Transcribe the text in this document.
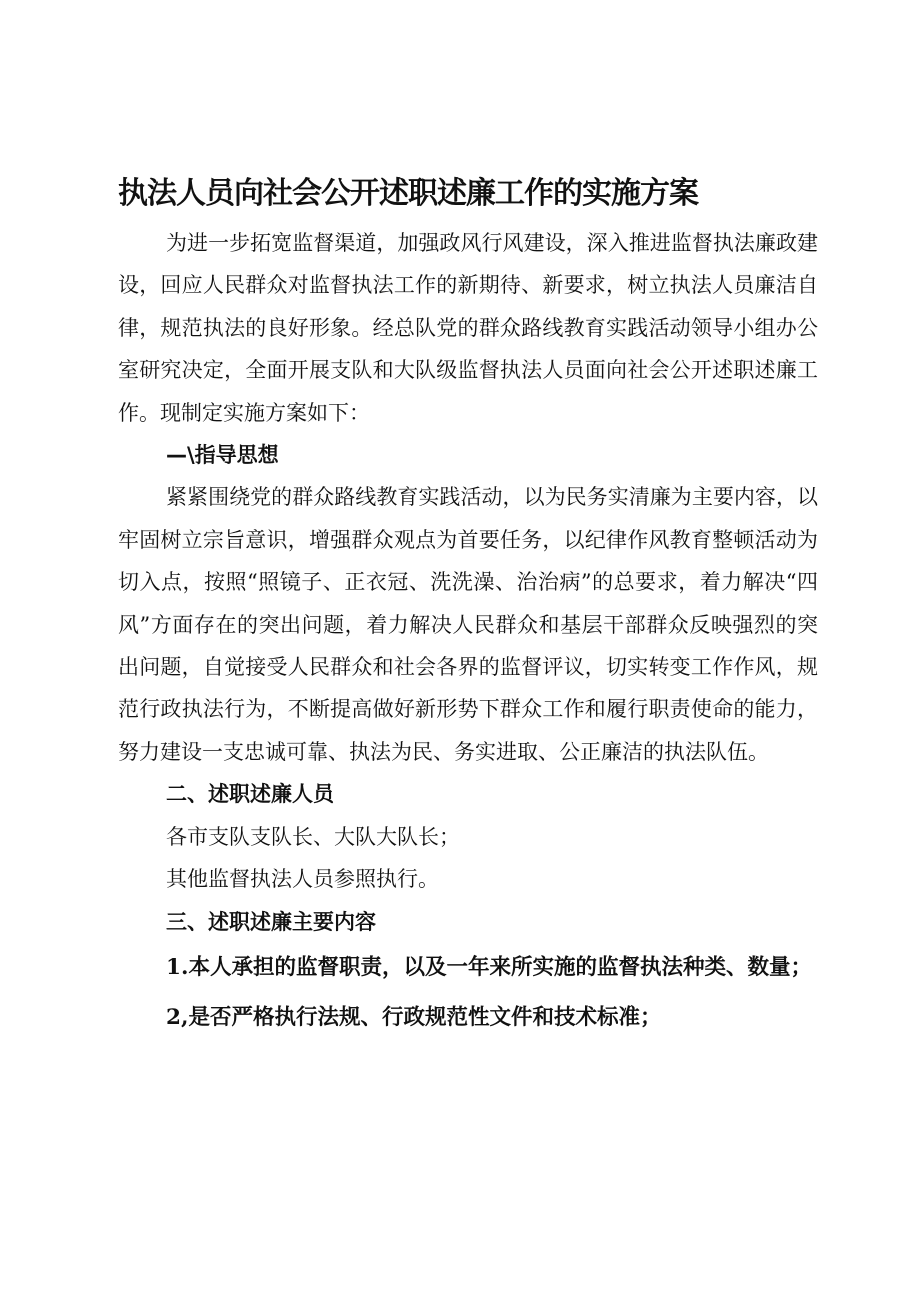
执法人员向社会公开述职述廉工作的实施方案

为进一步拓宽监督渠道，加强政风行风建设，深入推进监督执法廉政建设，回应人民群众对监督执法工作的新期待、新要求，树立执法人员廉洁自律，规范执法的良好形象。经总队党的群众路线教育实践活动领导小组办公室研究决定，全面开展支队和大队级监督执法人员面向社会公开述职述廉工作。现制定实施方案如下：

—\指导思想

紧紧围绕党的群众路线教育实践活动，以为民务实清廉为主要内容，以牢固树立宗旨意识，增强群众观点为首要任务，以纪律作风教育整顿活动为切入点，按照“照镜子、正衣冠、洗洗澡、治治病”的总要求，着力解决“四风”方面存在的突出问题，着力解决人民群众和基层干部群众反映强烈的突出问题，自觉接受人民群众和社会各界的监督评议，切实转变工作作风，规范行政执法行为，不断提高做好新形势下群众工作和履行职责使命的能力，努力建设一支忠诚可靠、执法为民、务实进取、公正廉洁的执法队伍。

二、述职述廉人员

各市支队支队长、大队大队长；

其他监督执法人员参照执行。

三、述职述廉主要内容

1.本人承担的监督职责，以及一年来所实施的监督执法种类、数量；

2,是否严格执行法规、行政规范性文件和技术标准；
